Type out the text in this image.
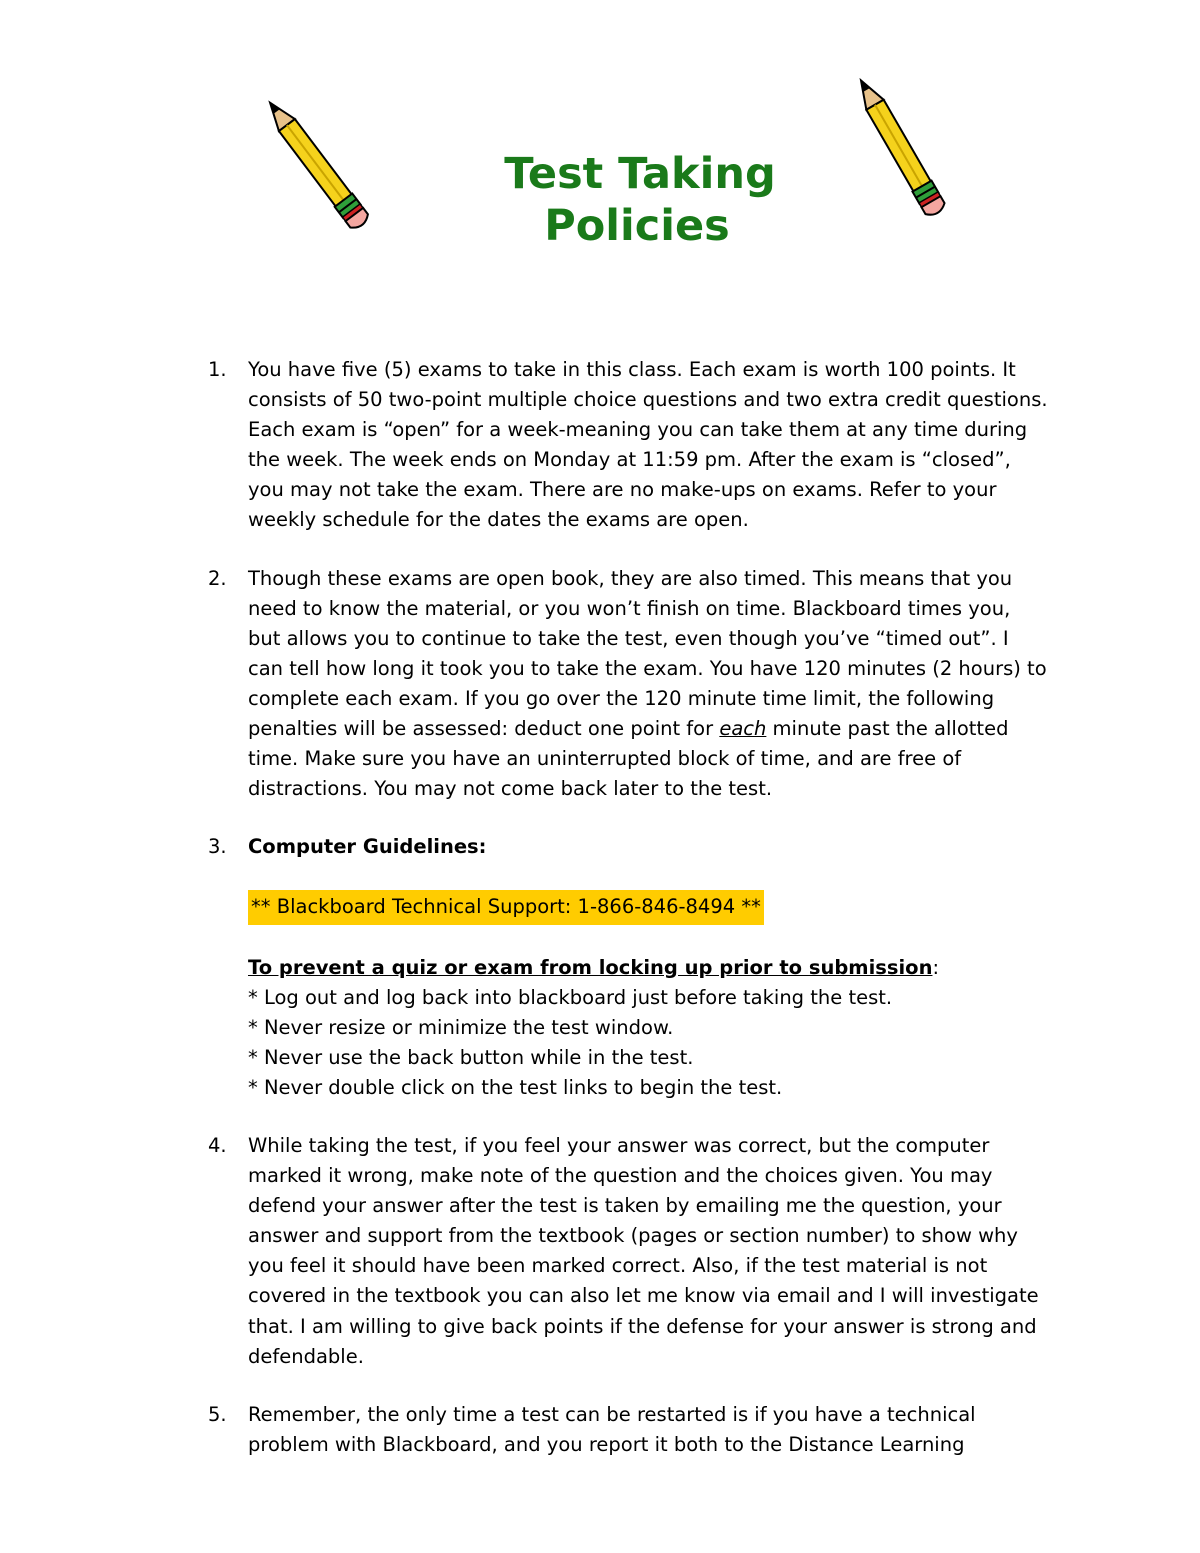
Test Taking
Policies
1. You have five (5) exams to take in this class. Each exam is worth 100 points. It consists of 50 two-point multiple choice questions and two extra credit questions. Each exam is “open” for a week-meaning you can take them at any time during the week. The week ends on Monday at 11:59 pm. After the exam is “closed”, you may not take the exam. There are no make-ups on exams. Refer to your weekly schedule for the dates the exams are open.

2. Though these exams are open book, they are also timed. This means that you need to know the material, or you won’t finish on time. Blackboard times you, but allows you to continue to take the test, even though you’ve “timed out”. I can tell how long it took you to take the exam. You have 120 minutes (2 hours) to complete each exam. If you go over the 120 minute time limit, the following penalties will be assessed: deduct one point for each minute past the allotted time. Make sure you have an uninterrupted block of time, and are free of distractions. You may not come back later to the test.

3. Computer Guidelines:

** Blackboard Technical Support: 1-866-846-8494 **

To prevent a quiz or exam from locking up prior to submission:

* Log out and log back into blackboard just before taking the test.

* Never resize or minimize the test window.

* Never use the back button while in the test.

* Never double click on the test links to begin the test.

4. While taking the test, if you feel your answer was correct, but the computer marked it wrong, make note of the question and the choices given. You may defend your answer after the test is taken by emailing me the question, your answer and support from the textbook (pages or section number) to show why you feel it should have been marked correct. Also, if the test material is not covered in the textbook you can also let me know via email and I will investigate that. I am willing to give back points if the defense for your answer is strong and defendable.

5. Remember, the only time a test can be restarted is if you have a technical problem with Blackboard, and you report it both to the Distance Learning
